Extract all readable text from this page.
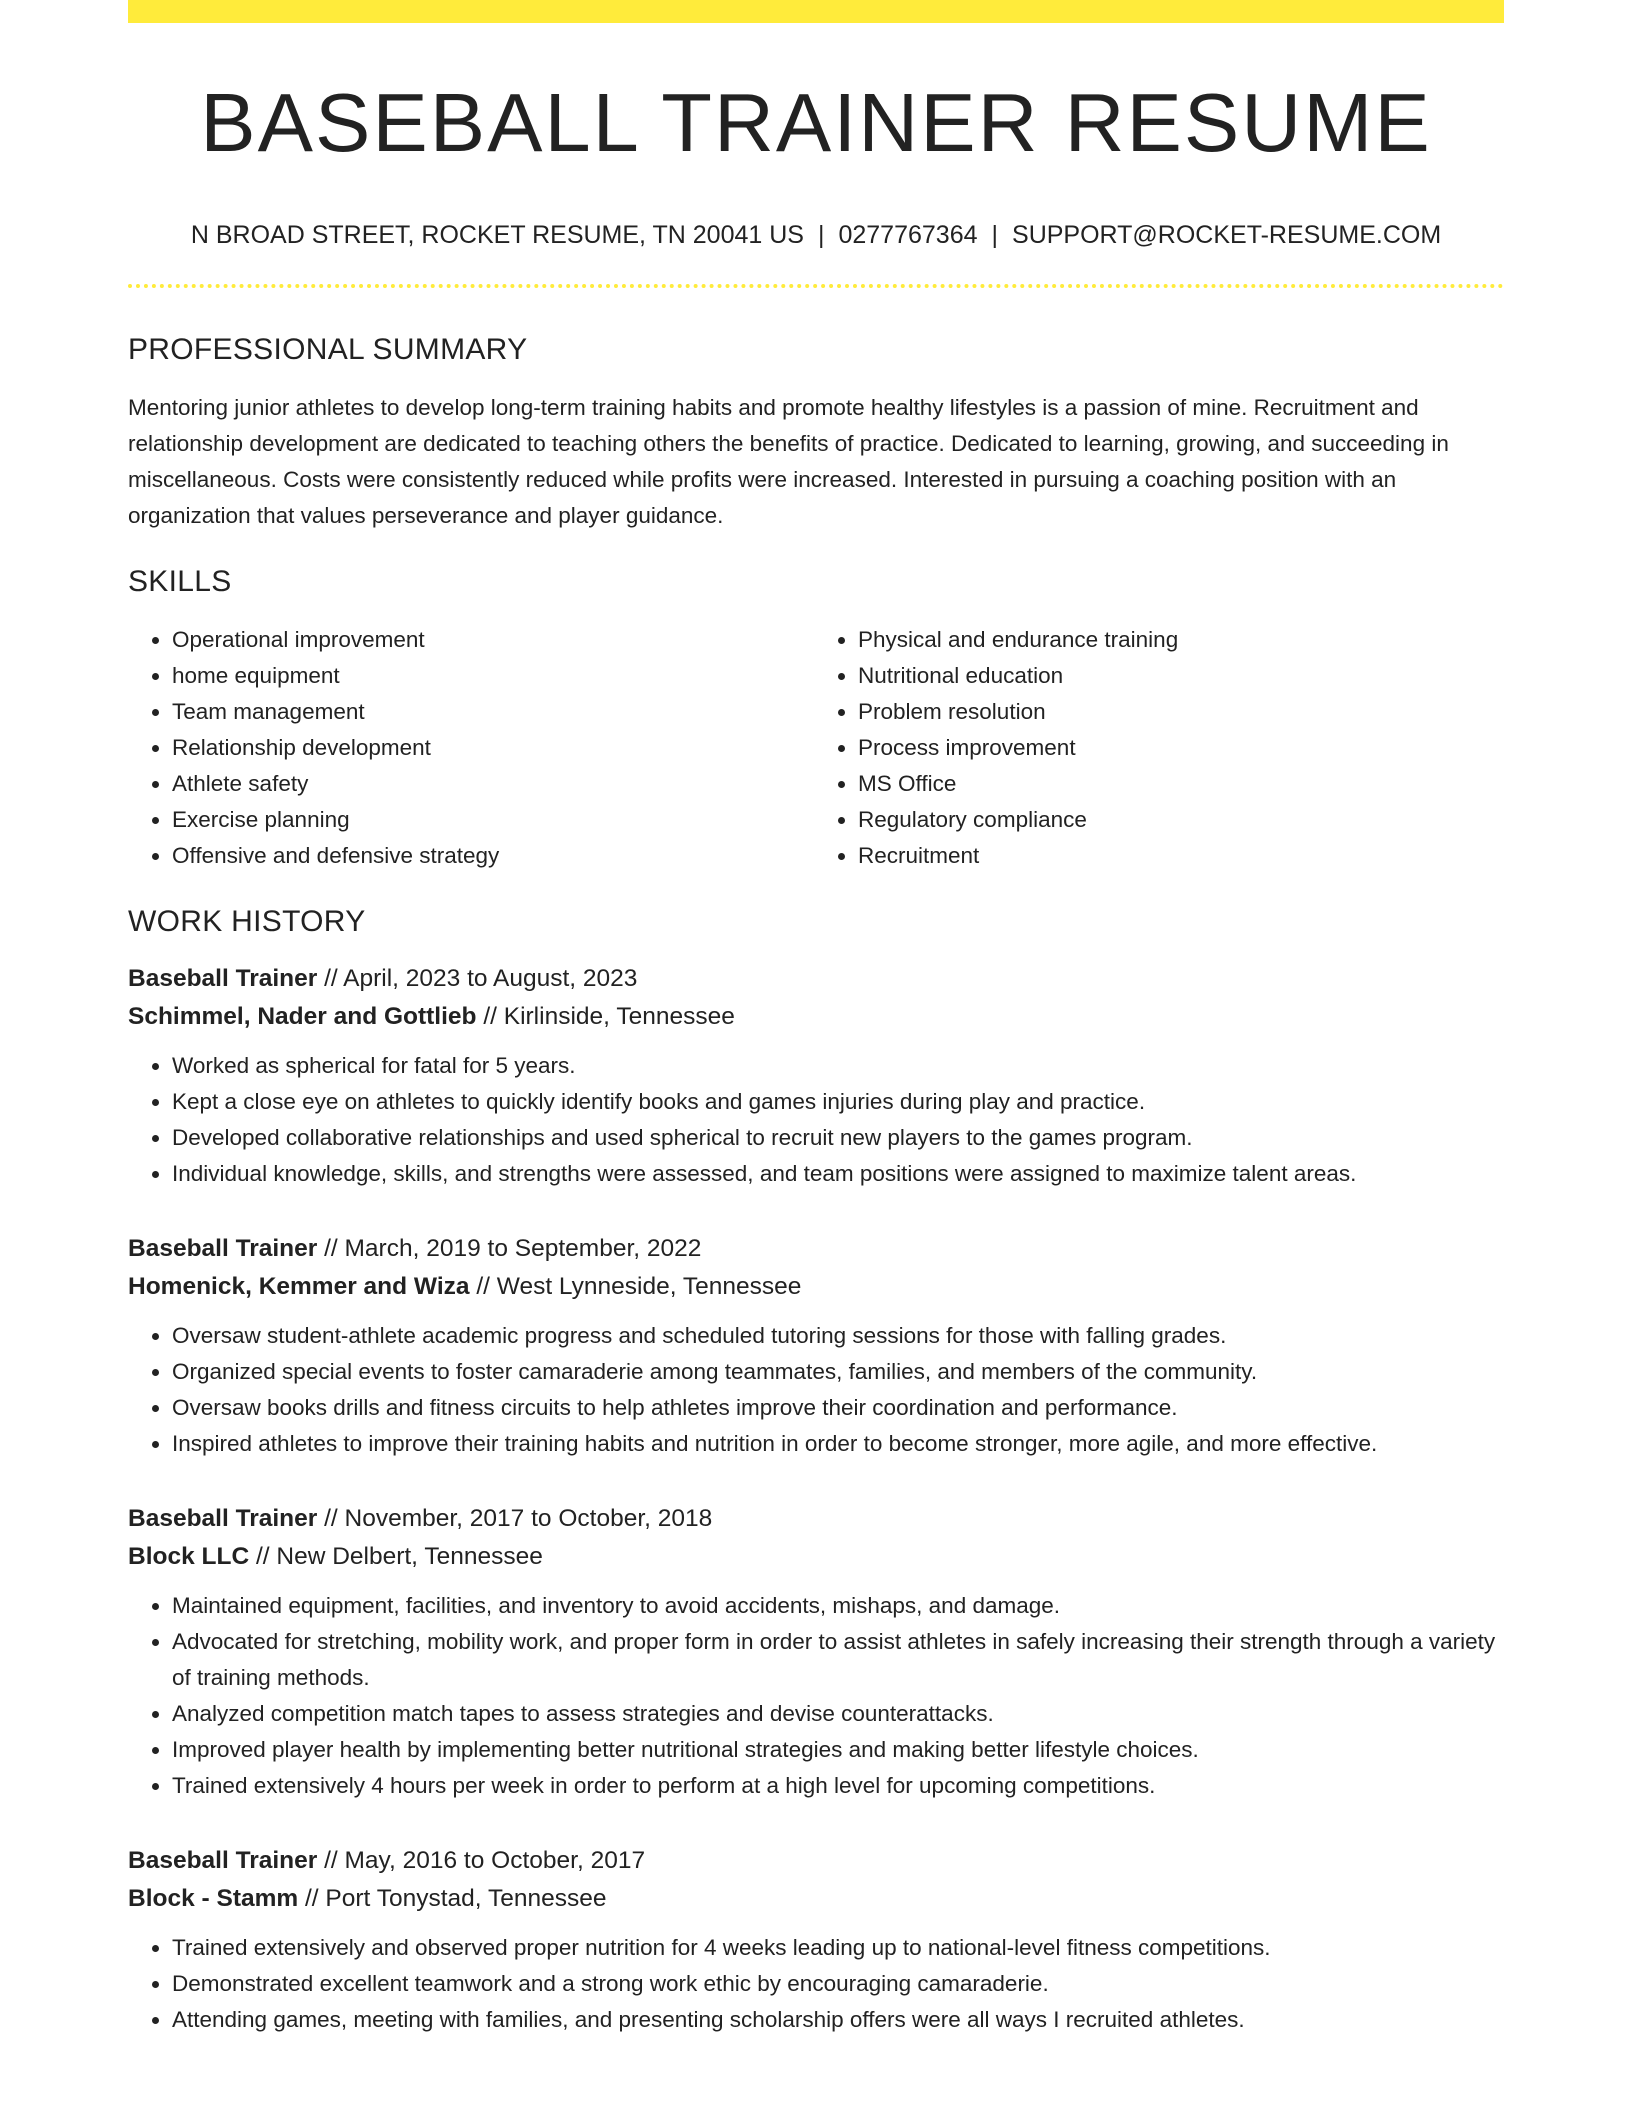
BASEBALL TRAINER RESUME
N BROAD STREET, ROCKET RESUME, TN 20041 US | 0277767364 | SUPPORT@ROCKET-RESUME.COM
PROFESSIONAL SUMMARY

Mentoring junior athletes to develop long-term training habits and promote healthy lifestyles is a passion of mine. Recruitment and relationship development are dedicated to teaching others the benefits of practice. Dedicated to learning, growing, and succeeding in miscellaneous. Costs were consistently reduced while profits were increased. Interested in pursuing a coaching position with an organization that values perseverance and player guidance.

SKILLS
• Operational improvement
• home equipment
• Team management
• Relationship development
• Athlete safety
• Exercise planning
• Offensive and defensive strategy
• Physical and endurance training
• Nutritional education
• Problem resolution
• Process improvement
• MS Office
• Regulatory compliance
• Recruitment
WORK HISTORY
Baseball Trainer // April, 2023 to August, 2023
Schimmel, Nader and Gottlieb // Kirlinside, Tennessee
• Worked as spherical for fatal for 5 years.
• Kept a close eye on athletes to quickly identify books and games injuries during play and practice.
• Developed collaborative relationships and used spherical to recruit new players to the games program.
• Individual knowledge, skills, and strengths were assessed, and team positions were assigned to maximize talent areas.
Baseball Trainer // March, 2019 to September, 2022
Homenick, Kemmer and Wiza // West Lynneside, Tennessee
• Oversaw student-athlete academic progress and scheduled tutoring sessions for those with falling grades.
• Organized special events to foster camaraderie among teammates, families, and members of the community.
• Oversaw books drills and fitness circuits to help athletes improve their coordination and performance.
• Inspired athletes to improve their training habits and nutrition in order to become stronger, more agile, and more effective.
Baseball Trainer // November, 2017 to October, 2018
Block LLC // New Delbert, Tennessee
• Maintained equipment, facilities, and inventory to avoid accidents, mishaps, and damage.
• Advocated for stretching, mobility work, and proper form in order to assist athletes in safely increasing their strength through a variety of training methods.
• Analyzed competition match tapes to assess strategies and devise counterattacks.
• Improved player health by implementing better nutritional strategies and making better lifestyle choices.
• Trained extensively 4 hours per week in order to perform at a high level for upcoming competitions.
Baseball Trainer // May, 2016 to October, 2017
Block - Stamm // Port Tonystad, Tennessee
• Trained extensively and observed proper nutrition for 4 weeks leading up to national-level fitness competitions.
• Demonstrated excellent teamwork and a strong work ethic by encouraging camaraderie.
• Attending games, meeting with families, and presenting scholarship offers were all ways I recruited athletes.
